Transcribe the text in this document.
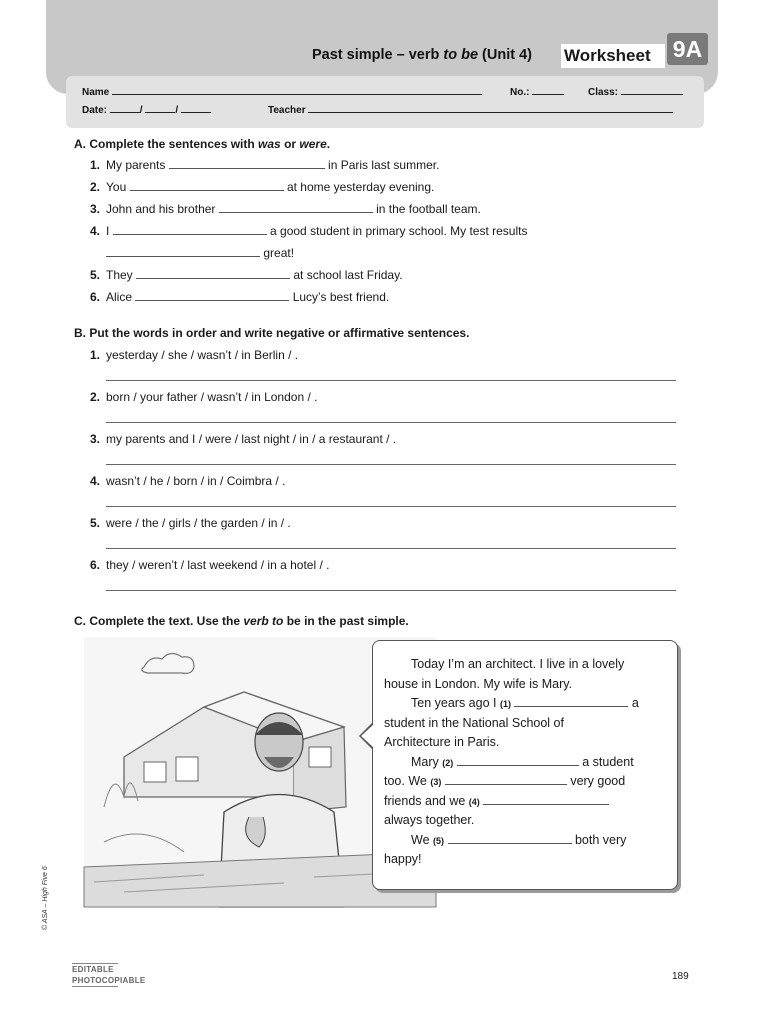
Past simple – verb to be (Unit 4) Worksheet 9A
Name	No.:	Class:
Date:	/	/	Teacher
A. Complete the sentences with was or were.
1. My parents	in Paris last summer.
2. You	at home yesterday evening.
3. John and his brother	in the football team.
4. I	a good student in primary school. My test results
great!
5. They	at school last Friday.
6. Alice	Lucy’s best friend.
B. Put the words in order and write negative or affirmative sentences.
1. yesterday / she / wasn’t / in Berlin / .
2. born / your father / wasn’t / in London / .
3. my parents and I / were / last night / in / a restaurant / .
4. wasn’t / he / born / in / Coimbra / .
5. were / the / girls / the garden / in / .
6. they / weren’t / last weekend / in a hotel / .
C. Complete the text. Use the verb to be in the past simple.
Today I’m an architect. I live in a lovely
house in London. My wife is Mary.
Ten years ago I (1)	a
student in the National School of
Architecture in Paris.
Mary (2)	a student
too. We (3)	very good
friends and we (4)
always together.
We (5)	both very
happy!
© ASA – High Five 6
EDITABLE
PHOTOCOPIABLE	189
